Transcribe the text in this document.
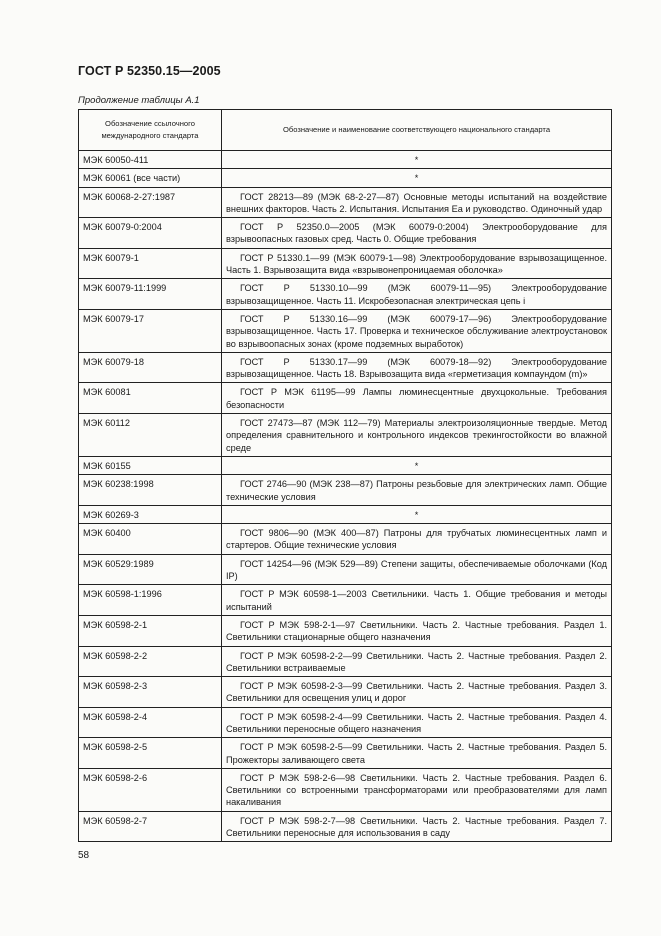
ГОСТ Р 52350.15—2005
Продолжение таблицы А.1
Обозначение ссылочного международного стандарта	Обозначение и наименование соответствующего национального стандарта
МЭК 60050-411	*
МЭК 60061 (все части)	*
МЭК 60068-2-27:1987	ГОСТ 28213—89 (МЭК 68-2-27—87) Основные методы испытаний на воздействие внешних факторов. Часть 2. Испытания. Испытания Еа и руководство. Одиночный удар
МЭК 60079-0:2004	ГОСТ Р 52350.0—2005 (МЭК 60079-0:2004) Электрооборудование для взрывоопасных газовых сред. Часть 0. Общие требования
МЭК 60079-1	ГОСТ Р 51330.1—99 (МЭК 60079-1—98) Электрооборудование взрывозащищенное. Часть 1. Взрывозащита вида «взрывонепроницаемая оболочка»
МЭК 60079-11:1999	ГОСТ Р 51330.10—99 (МЭК 60079-11—95) Электрооборудование взрывозащищенное. Часть 11. Искробезопасная электрическая цепь i
МЭК 60079-17	ГОСТ Р 51330.16—99 (МЭК 60079-17—96) Электрооборудование взрывозащищенное. Часть 17. Проверка и техническое обслуживание электроустановок во взрывоопасных зонах (кроме подземных выработок)
МЭК 60079-18	ГОСТ Р 51330.17—99 (МЭК 60079-18—92) Электрооборудование взрывозащищенное. Часть 18. Взрывозащита вида «герметизация компаундом (m)»
МЭК 60081	ГОСТ Р МЭК 61195—99 Лампы люминесцентные двухцокольные. Требования безопасности
МЭК 60112	ГОСТ 27473—87 (МЭК 112—79) Материалы электроизоляционные твердые. Метод определения сравнительного и контрольного индексов трекингостойкости во влажной среде
МЭК 60155	*
МЭК 60238:1998	ГОСТ 2746—90 (МЭК 238—87) Патроны резьбовые для электрических ламп. Общие технические условия
МЭК 60269-3	*
МЭК 60400	ГОСТ 9806—90 (МЭК 400—87) Патроны для трубчатых люминесцентных ламп и стартеров. Общие технические условия
МЭК 60529:1989	ГОСТ 14254—96 (МЭК 529—89) Степени защиты, обеспечиваемые оболочками (Код IP)
МЭК 60598-1:1996	ГОСТ Р МЭК 60598-1—2003 Светильники. Часть 1. Общие требования и методы испытаний
МЭК 60598-2-1	ГОСТ Р МЭК 598-2-1—97 Светильники. Часть 2. Частные требования. Раздел 1. Светильники стационарные общего назначения
МЭК 60598-2-2	ГОСТ Р МЭК 60598-2-2—99 Светильники. Часть 2. Частные требования. Раздел 2. Светильники встраиваемые
МЭК 60598-2-3	ГОСТ Р МЭК 60598-2-3—99 Светильники. Часть 2. Частные требования. Раздел 3. Светильники для освещения улиц и дорог
МЭК 60598-2-4	ГОСТ Р МЭК 60598-2-4—99 Светильники. Часть 2. Частные требования. Раздел 4. Светильники переносные общего назначения
МЭК 60598-2-5	ГОСТ Р МЭК 60598-2-5—99 Светильники. Часть 2. Частные требования. Раздел 5. Прожекторы заливающего света
МЭК 60598-2-6	ГОСТ Р МЭК 598-2-6—98 Светильники. Часть 2. Частные требования. Раздел 6. Светильники со встроенными трансформаторами или преобразователями для ламп накаливания
МЭК 60598-2-7	ГОСТ Р МЭК 598-2-7—98 Светильники. Часть 2. Частные требования. Раздел 7. Светильники переносные для использования в саду
58
